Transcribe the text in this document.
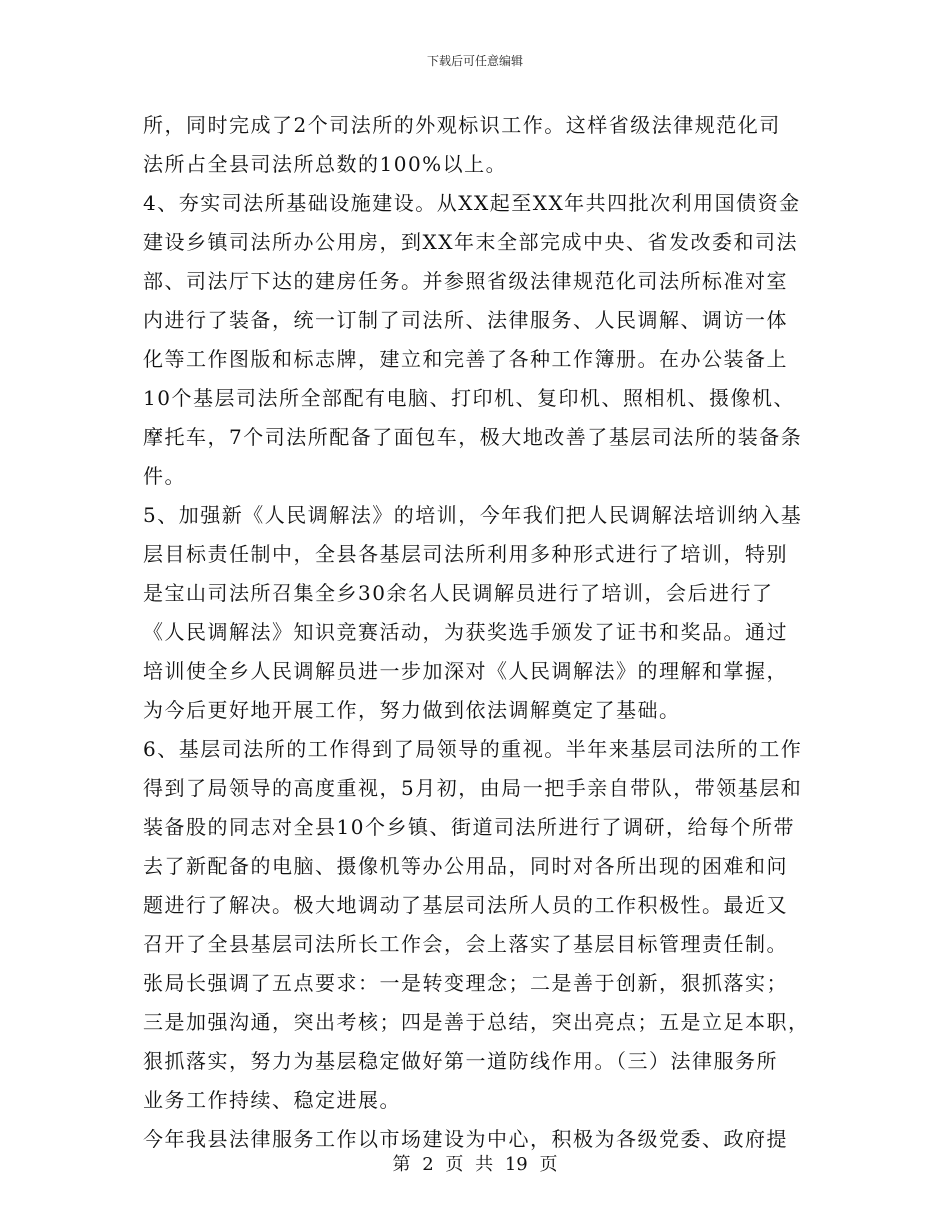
下载后可任意编辑
所，同时完成了2个司法所的外观标识工作。这样省级法律规范化司
法所占全县司法所总数的100%以上。
4、夯实司法所基础设施建设。从XX起至XX年共四批次利用国债资金
建设乡镇司法所办公用房，到XX年末全部完成中央、省发改委和司法
部、司法厅下达的建房任务。并参照省级法律规范化司法所标准对室
内进行了装备，统一订制了司法所、法律服务、人民调解、调访一体
化等工作图版和标志牌，建立和完善了各种工作簿册。在办公装备上
10个基层司法所全部配有电脑、打印机、复印机、照相机、摄像机、
摩托车，7个司法所配备了面包车，极大地改善了基层司法所的装备条
件。
5、加强新《人民调解法》的培训，今年我们把人民调解法培训纳入基
层目标责任制中，全县各基层司法所利用多种形式进行了培训，特别
是宝山司法所召集全乡30余名人民调解员进行了培训，会后进行了
《人民调解法》知识竞赛活动，为获奖选手颁发了证书和奖品。通过
培训使全乡人民调解员进一步加深对《人民调解法》的理解和掌握，
为今后更好地开展工作，努力做到依法调解奠定了基础。
6、基层司法所的工作得到了局领导的重视。半年来基层司法所的工作
得到了局领导的高度重视，5月初，由局一把手亲自带队，带领基层和
装备股的同志对全县10个乡镇、街道司法所进行了调研，给每个所带
去了新配备的电脑、摄像机等办公用品，同时对各所出现的困难和问
题进行了解决。极大地调动了基层司法所人员的工作积极性。最近又
召开了全县基层司法所长工作会，会上落实了基层目标管理责任制。
张局长强调了五点要求：一是转变理念；二是善于创新，狠抓落实；
三是加强沟通，突出考核；四是善于总结，突出亮点；五是立足本职，
狠抓落实，努力为基层稳定做好第一道防线作用。（三）法律服务所
业务工作持续、稳定进展。
今年我县法律服务工作以市场建设为中心，积极为各级党委、政府提
第 2 页 共 19 页
